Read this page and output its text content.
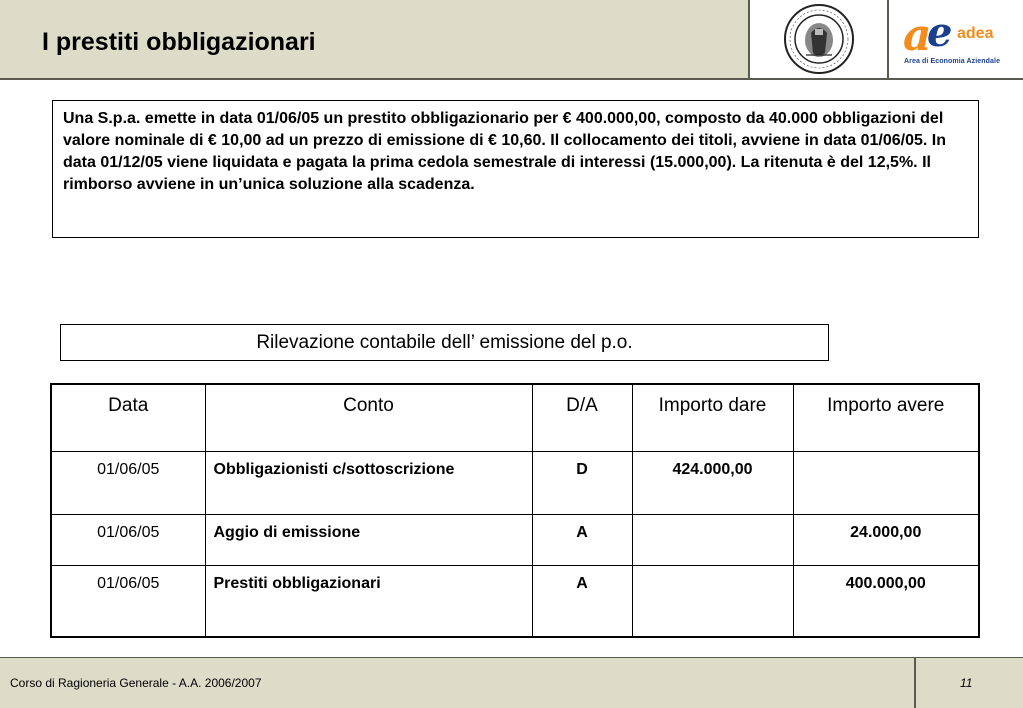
I prestiti obbligazionari	a
e adea
Area di Economia Aziendale
Una S.p.a. emette in data 01/06/05 un prestito obbligazionario per € 400.000,00, composto da 40.000 obbligazioni del valore nominale di € 10,00 ad un prezzo di emissione di € 10,60. Il collocamento dei titoli, avviene in data 01/06/05. In data 01/12/05 viene liquidata e pagata la prima cedola semestrale di interessi (15.000,00). La ritenuta è del 12,5%. Il rimborso avviene in un’unica soluzione alla scadenza.
Rilevazione contabile dell’ emissione del p.o.
Data	Conto	D/A	Importo dare	Importo avere
01/06/05	Obbligazionisti c/sottoscrizione	D	424.000,00	
01/06/05	Aggio di emissione	A		24.000,00
01/06/05	Prestiti obbligazionari	A		400.000,00
Corso di Ragioneria Generale - A.A. 2006/2007	11
